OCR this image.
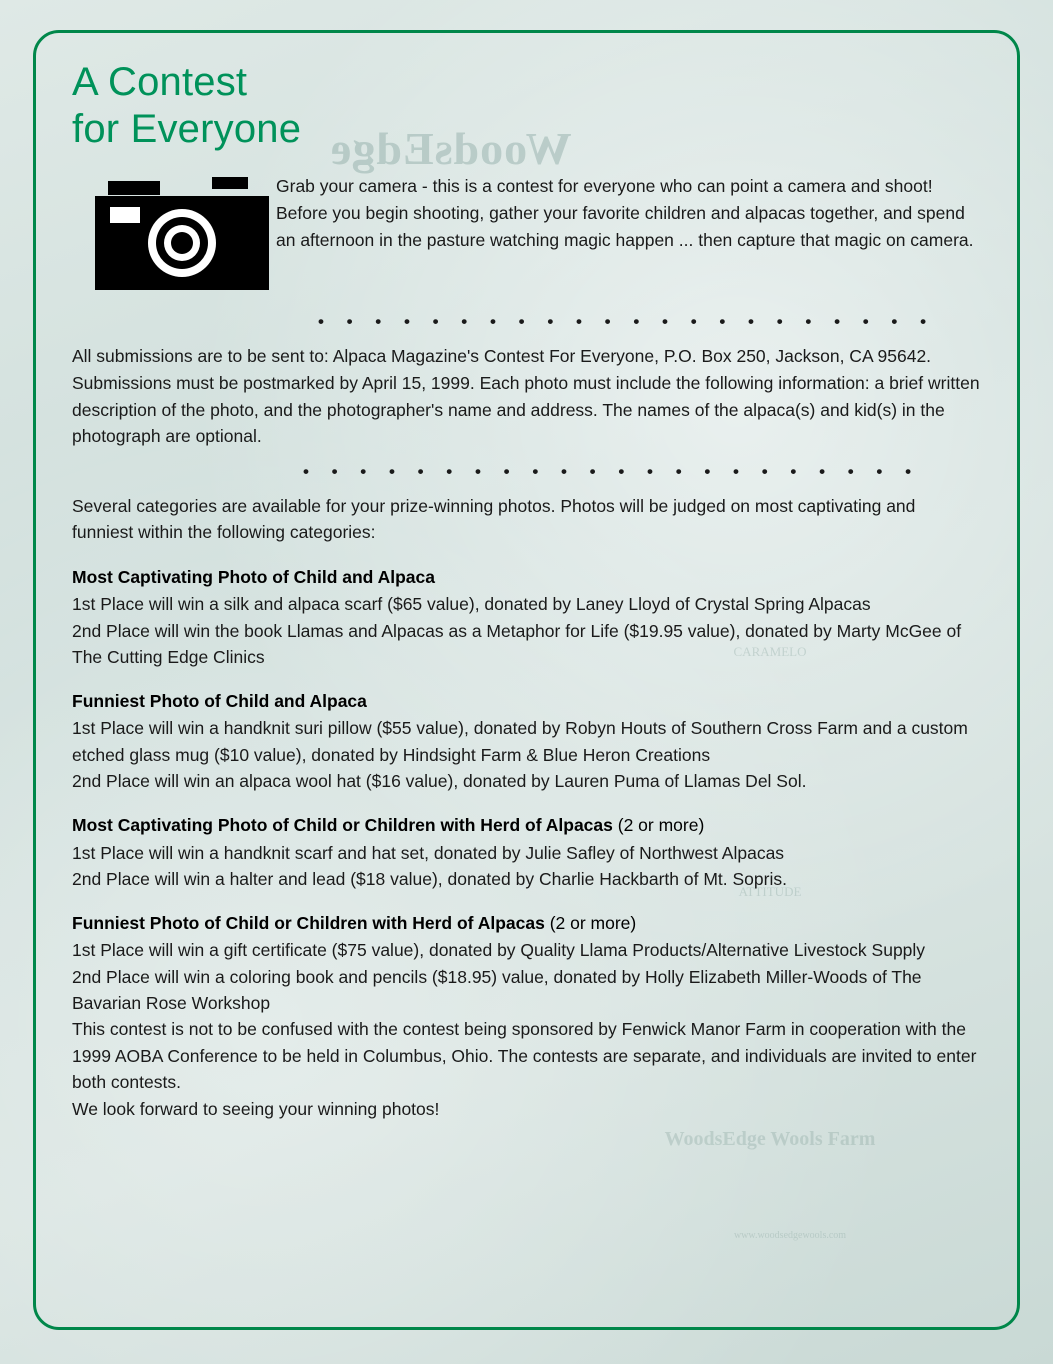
WoodsEdge
CARAMELO
ATTITUDE
WoodsEdge Wools Farm
www.woodsedgewools.com
A Contest
for Everyone
Grab your camera - this is a contest for everyone who can point a camera and shoot! Before you begin shooting, gather your favorite children and alpacas together, and spend an afternoon in the pasture watching magic happen ... then capture that magic on camera.
• • • • • • • • • • • • • • • • • • • • • •

All submissions are to be sent to: Alpaca Magazine's Contest For Everyone, P.O. Box 250, Jackson, CA 95642. Submissions must be postmarked by April 15, 1999. Each photo must include the following information: a brief written description of the photo, and the photographer's name and address. The names of the alpaca(s) and kid(s) in the photograph are optional.

• • • • • • • • • • • • • • • • • • • • • •

Several categories are available for your prize-winning photos. Photos will be judged on most captivating and funniest within the following categories:

Most Captivating Photo of Child and Alpaca

1st Place will win a silk and alpaca scarf ($65 value), donated by Laney Lloyd of Crystal Spring Alpacas

2nd Place will win the book Llamas and Alpacas as a Metaphor for Life ($19.95 value), donated by Marty McGee of The Cutting Edge Clinics

Funniest Photo of Child and Alpaca

1st Place will win a handknit suri pillow ($55 value), donated by Robyn Houts of Southern Cross Farm and a custom etched glass mug ($10 value), donated by Hindsight Farm & Blue Heron Creations

2nd Place will win an alpaca wool hat ($16 value), donated by Lauren Puma of Llamas Del Sol.

Most Captivating Photo of Child or Children with Herd of Alpacas (2 or more)

1st Place will win a handknit scarf and hat set, donated by Julie Safley of Northwest Alpacas

2nd Place will win a halter and lead ($18 value), donated by Charlie Hackbarth of Mt. Sopris.

Funniest Photo of Child or Children with Herd of Alpacas (2 or more)

1st Place will win a gift certificate ($75 value), donated by Quality Llama Products/Alternative Livestock Supply

2nd Place will win a coloring book and pencils ($18.95) value, donated by Holly Elizabeth Miller-Woods of The Bavarian Rose Workshop

This contest is not to be confused with the contest being sponsored by Fenwick Manor Farm in cooperation with the 1999 AOBA Conference to be held in Columbus, Ohio. The contests are separate, and individuals are invited to enter both contests.

We look forward to seeing your winning photos!
